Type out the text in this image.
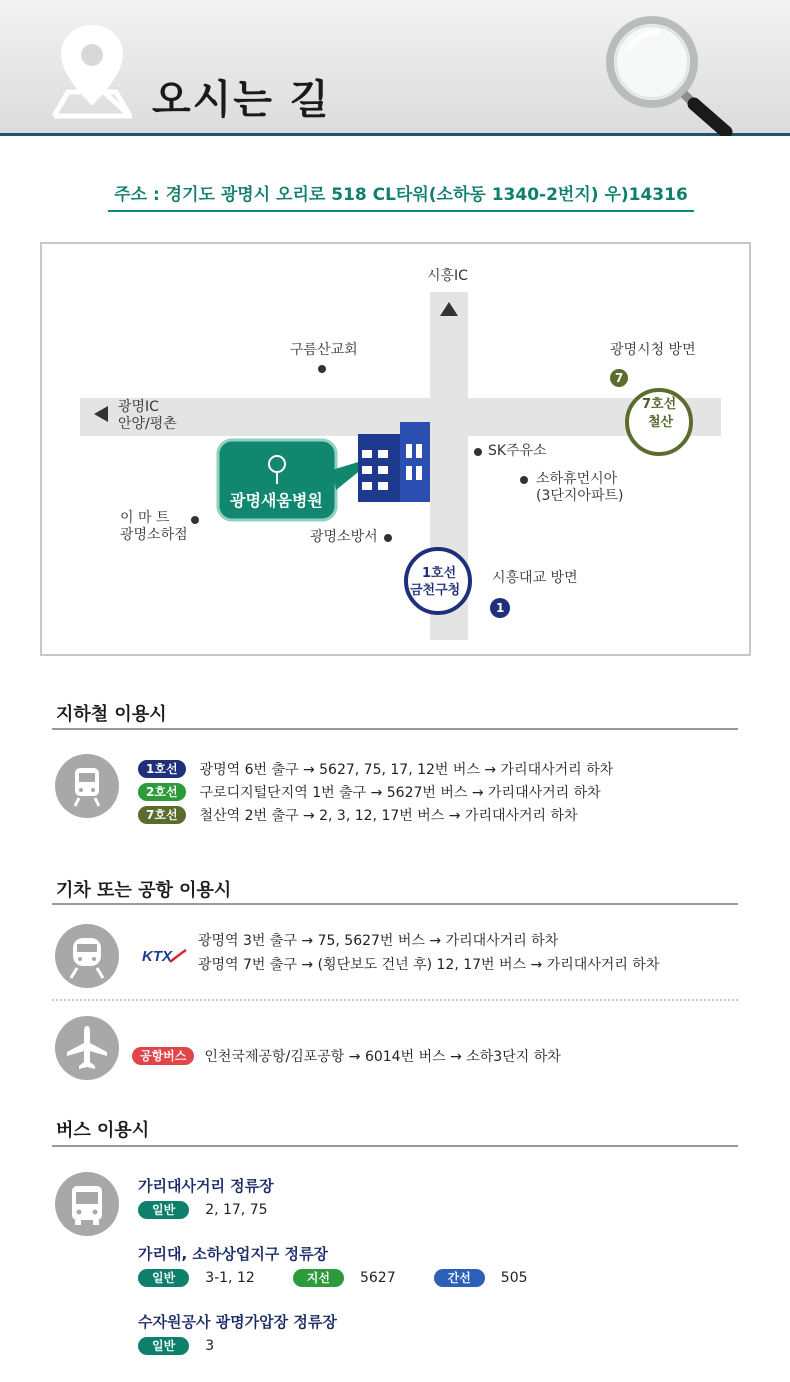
오시는 길
주소 : 경기도 광명시 오리로 518 CL타워(소하동 1340-2번지) 우)14316
시흥IC
구름산교회	광명시청 방면
광명IC
안양/평촌
SK주유소
소하휴먼시아
(3단지아파트)
이 마 트
광명소하점	광명소방서
시흥대교 방면
광명새움병원
7호선
철산
7
1호선
금천구청
1
지하철 이용시
1호선	광명역 6번 출구 → 5627, 75, 17, 12번 버스 → 가리대사거리 하차
2호선	구로디지털단지역 1번 출구 → 5627번 버스 → 가리대사거리 하차
7호선	철산역 2번 출구 → 2, 3, 12, 17번 버스 → 가리대사거리 하차
기차 또는 공항 이용시
KTX
광명역 3번 출구 → 75, 5627번 버스 → 가리대사거리 하차
광명역 7번 출구 → (횡단보도 건넌 후) 12, 17번 버스 → 가리대사거리 하차
공항버스	인천국제공항/김포공항 → 6014번 버스 → 소하3단지 하차
버스 이용시
가리대사거리 정류장
일반	2, 17, 75
가리대, 소하상업지구 정류장
일반	3-1, 12	지선	5627	간선	505
수자원공사 광명가압장 정류장
일반	3
